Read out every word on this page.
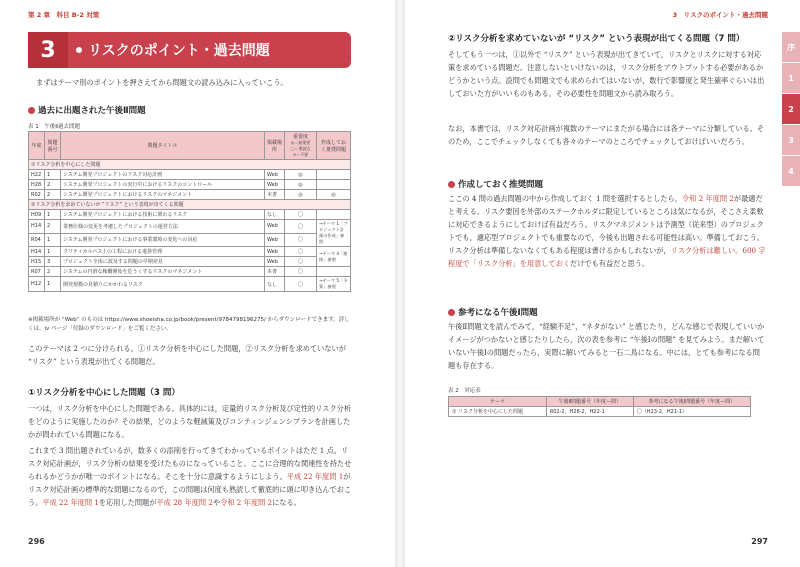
第 2 章　科目 B-2 対策
3	リスクのポイント・過去問題
まずはテーマ別のポイントを押さえてから問題文の読み込みに入っていこう。
過去に出題された午後Ⅱ問題
表 1　午後Ⅱ過去問題
年度	問題番号	問題タイトル	掲載場所	重要度
◎＝最重要　〇＝要読込　×＝不要	作成しておく推奨問題
①リスク分析を中心にした問題					
H22	1	システム開発プロジェクトのリスク対応計画	Web	◎	
H28	2	システム開発プロジェクトの実行中におけるリスクのコントロール	Web	◎	
R02	2	システム開発プロジェクトにおけるリスクのマネジメント	本書	◎	◎
②リスク分析を求めていないが “リスク” という表現が出てくる問題					
H09	1	システム開発プロジェクトにおける技術に関わるリスク	なし	〇	
H14	2	業務仕様の変更を考慮したプロジェクトの運営方法	Web	〇	→テーマ 1「プロジェクト計画の作成」参照
R04	1	システム開発プロジェクトにおける事業環境の変化への対応	Web	〇	
H14	1	クリティカルパス上の工程における進捗管理	Web	〇	→テーマ 4「進捗」参照
H15	3	プロジェクト全体に波及する問題の早期発見	Web	〇	
R07	2	システムの円滑な稼働開始を危うくするリスクのマネジメント	本書	〇	
H12	1	開発規模の見積りにかかわるリスク	なし	〇	→テーマ 5「予算」参照
※掲載場所が “Web” のものは https://www.shoeisha.co.jp/book/present/9784798196275/ からダウンロードできます。詳しくは、iv ページ「付録のダウンロード」をご覧ください。
このテーマは 2 つに分けられる。①リスク分析を中心にした問題，②リスク分析を求めていないが “リスク” という表現が出てくる問題だ。
①リスク分析を中心にした問題（3 問）
一つは，リスク分析を中心にした問題である。具体的には，定量的リスク分析及び定性的リスク分析をどのように実施したのか？その結果，どのような軽減策及びコンティンジェンシプランを計画したかが問われている問題になる。
これまで 3 問出題されているが，数多くの添削を行ってきてわかっているポイントはただ 1 点。リスク対応計画が，リスク分析の結果を受けたものになっていること。ここに合理的な関連性を持たせられるかどうかが唯一のポイントになる。そこを十分に意識するようにしよう。平成 22 年度問 1がリスク対応計画の標準的な問題になるので，この問題は何度も熟読して徹底的に頭に叩き込んでおこう。平成 22 年度問 1を応用した問題が平成 28 年度問 2や令和 2 年度問 2になる。
296
3　リスクのポイント・過去問題
②リスク分析を求めていないが “リスク” という表現が出てくる問題（7 問）
そしてもう一つは，①以外で “リスク” という表現が出てきていて，リスクとリスクに対する対応策を求めている問題だ。注意しないといけないのは，リスク分析をアウトプットする必要があるかどうかという点。設問でも問題文でも求められてはいないが，数行で影響度と発生確率ぐらいは出しておいた方がいいものもある。その必要性を問題文から読み取ろう。
なお，本書では，リスク対応計画が複数のテーマにまたがる場合には各テーマに分類している。そのため，ここでチェックしなくても各々のテーマのところでチェックしておけばいいだろう。
作成しておく推奨問題
ここの 4 問の過去問題の中から作成しておく 1 問を選択するとしたら，令和 2 年度問 2が最適だと考える。リスク要因を外部のステークホルダに限定しているところは気になるが，そこさえ柔軟に対応できるようにしておけば有益だろう。リスクマネジメントは予測型（従来型）のプロジェクトでも，適応型プロジェクトでも重要なので，今後も出題される可能性は高い。準備しておこう。リスク分析は準備しないなくてもある程度は書けるかもしれないが，リスク分析は難しい。600 字程度で「リスク分析」を用意しておくだけでも有益だと思う。
参考になる午後Ⅰ問題
午後Ⅱ問題文を読んでみて，“経験不足”，“ネタがない” と感じたり，どんな感じで表現していいかイメージがつかないと感じたりしたら，次の表を参考に “午後Ⅰの問題” を見てみよう。まだ解いていない午後Ⅰの問題だったら，実際に解いてみると一石二鳥になる。中には，とても参考になる問題も存在する。
表 2　対応表
297
序
1
2
3
4
テーマ	午後Ⅱ問題番号（年度ー問）	参考になる午後Ⅰ問題番号（年度ー問）
① リスク分析を中心にした問題	R02-2，H28-2，H22-1	〇（H23-2，H21-1）
